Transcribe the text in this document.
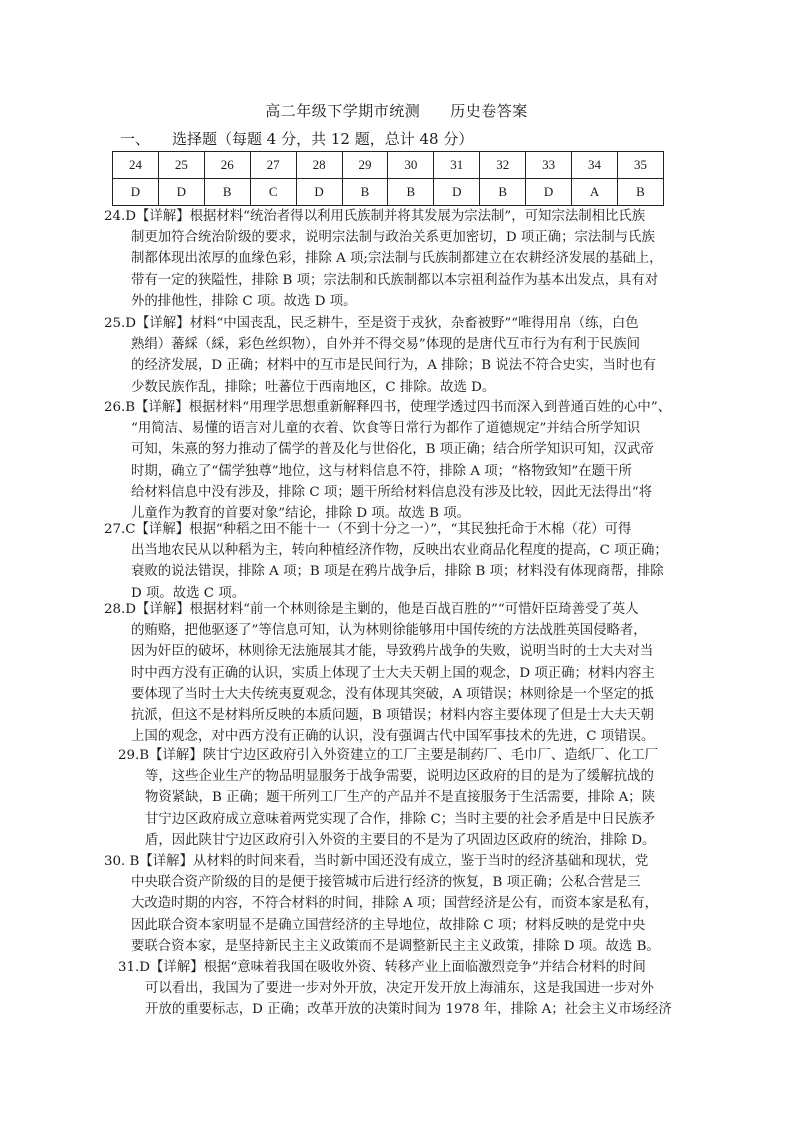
高二年级下学期市统测 历史卷答案
一、 选择题（每题 4 分，共 12 题，总计 48 分）
24	25	26	27	28	29	30	31	32	33	34	35
D	D	B	C	D	B	B	D	B	D	A	B

24.D【详解】根据材料“统治者得以利用氏族制并将其发展为宗法制”，可知宗法制相比氏族

制更加符合统治阶级的要求，说明宗法制与政治关系更加密切，D 项正确；宗法制与氏族

制都体现出浓厚的血缘色彩，排除 A 项;宗法制与氏族制都建立在农耕经济发展的基础上，

带有一定的狭隘性，排除 B 项；宗法制和氏族制都以本宗祖利益作为基本出发点，具有对

外的排他性，排除 C 项。故选 D 项。

25.D【详解】材料“中国丧乱，民乏耕牛，至是资于戎狄，杂畜被野”“唯得用帛（练，白色

熟绢）蕃綵（綵，彩色丝织物），自外并不得交易”体现的是唐代互市行为有利于民族间

的经济发展，D 正确；材料中的互市是民间行为，A 排除；B 说法不符合史实，当时也有

少数民族作乱，排除；吐蕃位于西南地区，C 排除。故选 D。

26.B【详解】根据材料“用理学思想重新解释四书，使理学透过四书而深入到普通百姓的心中”、

“用简洁、易懂的语言对儿童的衣着、饮食等日常行为都作了道德规定”并结合所学知识

可知，朱熹的努力推动了儒学的普及化与世俗化，B 项正确；结合所学知识可知，汉武帝

时期，确立了“儒学独尊”地位，这与材料信息不符，排除 A 项；“格物致知”在题干所

给材料信息中没有涉及，排除 C 项；题干所给材料信息没有涉及比较，因此无法得出“将

儿童作为教育的首要对象”结论，排除 D 项。故选 B 项。

27.C【详解】根据“种稻之田不能十一（不到十分之一）”，“其民独托命于木棉（花）可得

出当地农民从以种稻为主，转向种植经济作物，反映出农业商品化程度的提高，C 项正确；

衰败的说法错误，排除 A 项；B 项是在鸦片战争后，排除 B 项；材料没有体现商帮，排除

D 项。故选 C 项。

28.D【详解】根据材料“前一个林则徐是主剿的，他是百战百胜的”“可惜奸臣琦善受了英人

的贿赂，把他驱逐了”等信息可知，认为林则徐能够用中国传统的方法战胜英国侵略者，

因为奸臣的破坏，林则徐无法施展其才能，导致鸦片战争的失败，说明当时的士大夫对当

时中西方没有正确的认识，实质上体现了士大夫天朝上国的观念，D 项正确；材料内容主

要体现了当时士大夫传统夷夏观念，没有体现其突破，A 项错误；林则徐是一个坚定的抵

抗派，但这不是材料所反映的本质问题，B 项错误；材料内容主要体现了但是士大夫天朝

上国的观念，对中西方没有正确的认识，没有强调古代中国军事技术的先进，C 项错误。

29.B【详解】陕甘宁边区政府引入外资建立的工厂主要是制药厂、毛巾厂、造纸厂、化工厂

等，这些企业生产的物品明显服务于战争需要，说明边区政府的目的是为了缓解抗战的

物资紧缺，B 正确；题干所列工厂生产的产品并不是直接服务于生活需要，排除 A；陕

甘宁边区政府成立意味着两党实现了合作，排除 C；当时主要的社会矛盾是中日民族矛

盾，因此陕甘宁边区政府引入外资的主要目的不是为了巩固边区政府的统治，排除 D。

30. B【详解】从材料的时间来看，当时新中国还没有成立，鉴于当时的经济基础和现状，党

中央联合资产阶级的目的是便于接管城市后进行经济的恢复，B 项正确；公私合营是三

大改造时期的内容，不符合材料的时间，排除 A 项；国营经济是公有，而资本家是私有，

因此联合资本家明显不是确立国营经济的主导地位，故排除 C 项；材料反映的是党中央

要联合资本家，是坚持新民主主义政策而不是调整新民主主义政策，排除 D 项。故选 B。

31.D【详解】根据“意味着我国在吸收外资、转移产业上面临激烈竞争”并结合材料的时间

可以看出，我国为了要进一步对外开放，决定开发开放上海浦东，这是我国进一步对外

开放的重要标志，D 正确；改革开放的决策时间为 1978 年，排除 A；社会主义市场经济
